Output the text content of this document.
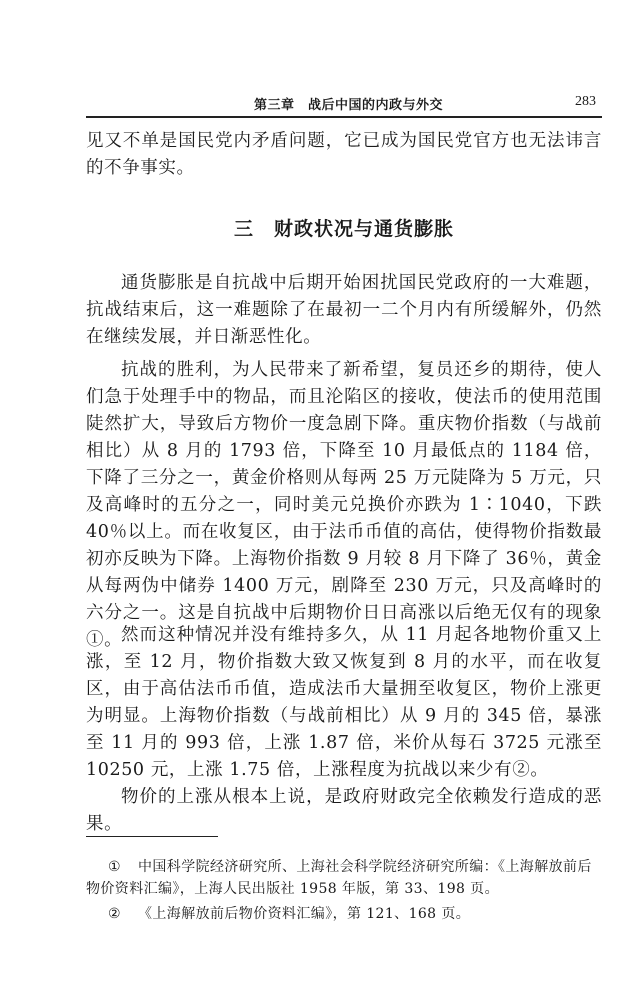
第三章　战后中国的内政与外交	283

见又不单是国民党内矛盾问题，它已成为国民党官方也无法讳言的不争事实。

三 财政状况与通货膨胀

通货膨胀是自抗战中后期开始困扰国民党政府的一大难题，抗战结束后，这一难题除了在最初一二个月内有所缓解外，仍然在继续发展，并日渐恶性化。

抗战的胜利，为人民带来了新希望，复员还乡的期待，使人们急于处理手中的物品，而且沦陷区的接收，使法币的使用范围陡然扩大，导致后方物价一度急剧下降。重庆物价指数（与战前相比）从 8 月的 1793 倍，下降至 10 月最低点的 1184 倍，下降了三分之一，黄金价格则从每两 25 万元陡降为 5 万元，只及高峰时的五分之一，同时美元兑换价亦跌为 1∶1040，下跌 40％以上。而在收复区，由于法币币值的高估，使得物价指数最初亦反映为下降。上海物价指数 9 月较 8 月下降了 36％，黄金从每两伪中储券 1400 万元，剧降至 230 万元，只及高峰时的六分之一。这是自抗战中后期物价日日高涨以后绝无仅有的现象①。

然而这种情况并没有维持多久，从 11 月起各地物价重又上涨，至 12 月，物价指数大致又恢复到 8 月的水平，而在收复区，由于高估法币币值，造成法币大量拥至收复区，物价上涨更为明显。上海物价指数（与战前相比）从 9 月的 345 倍，暴涨至 11 月的 993 倍，上涨 1.87 倍，米价从每石 3725 元涨至 10250 元，上涨 1.75 倍，上涨程度为抗战以来少有②。

物价的上涨从根本上说，是政府财政完全依赖发行造成的恶果。

① 中国科学院经济研究所、上海社会科学院经济研究所编：《上海解放前后物价资料汇编》，上海人民出版社 1958 年版，第 33、198 页。

② 《上海解放前后物价资料汇编》，第 121、168 页。
